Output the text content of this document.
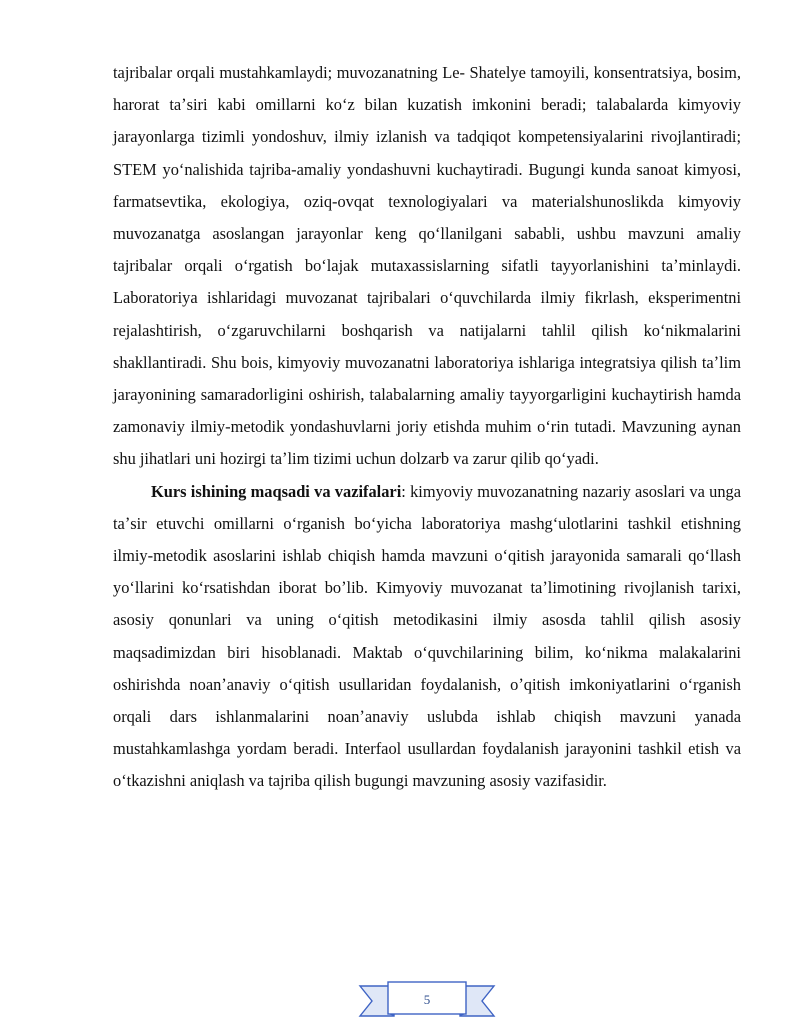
tajribalar orqali mustahkamlaydi; muvozanatning Le- Shatelye tamoyili, konsentratsiya, bosim, harorat taʼsiri kabi omillarni koʻz bilan kuzatish imkonini beradi; talabalarda kimyoviy jarayonlarga tizimli yondoshuv, ilmiy izlanish va tadqiqot kompetensiyalarini rivojlantiradi; STEM yoʻnalishida tajriba-amaliy yondashuvni kuchaytiradi. Bugungi kunda sanoat kimyosi, farmatsevtika, ekologiya, oziq-ovqat texnologiyalari va materialshunoslikda kimyoviy muvozanatga asoslangan jarayonlar keng qoʻllanilgani sababli, ushbu mavzuni amaliy tajribalar orqali oʻrgatish boʻlajak mutaxassislarning sifatli tayyorlanishini taʼminlaydi. Laboratoriya ishlaridagi muvozanat tajribalari oʻquvchilarda ilmiy fikrlash, eksperimentni rejalashtirish, oʻzgaruvchilarni boshqarish va natijalarni tahlil qilish koʻnikmalarini shakllantiradi. Shu bois, kimyoviy muvozanatni laboratoriya ishlariga integratsiya qilish taʼlim jarayonining samaradorligini oshirish, talabalarning amaliy tayyorgarligini kuchaytirish hamda zamonaviy ilmiy-metodik yondashuvlarni joriy etishda muhim oʻrin tutadi. Mavzuning aynan shu jihatlari uni hozirgi taʼlim tizimi uchun dolzarb va zarur qilib qoʻyadi.

Kurs ishining maqsadi va vazifalari: kimyoviy muvozanatning nazariy asoslari va unga taʼsir etuvchi omillarni oʻrganish boʻyicha laboratoriya mashgʻulotlarini tashkil etishning ilmiy-metodik asoslarini ishlab chiqish hamda mavzuni oʻqitish jarayonida samarali qoʻllash yoʻllarini koʻrsatishdan iborat boʼlib. Kimyoviy muvozanat taʼlimotining rivojlanish tarixi, asosiy qonunlari va uning oʻqitish metodikasini ilmiy asosda tahlil qilish asosiy maqsadimizdan biri hisoblanadi. Maktab oʻquvchilarining bilim, koʻnikma malakalarini oshirishda noanʼanaviy oʻqitish usullaridan foydalanish, oʼqitish imkoniyatlarini oʻrganish orqali dars ishlanmalarini noanʼanaviy uslubda ishlab chiqish mavzuni yanada mustahkamlashga yordam beradi. Interfaol usullardan foydalanish jarayonini tashkil etish va oʻtkazishni aniqlash va tajriba qilish bugungi mavzuning asosiy vazifasidir.

5
